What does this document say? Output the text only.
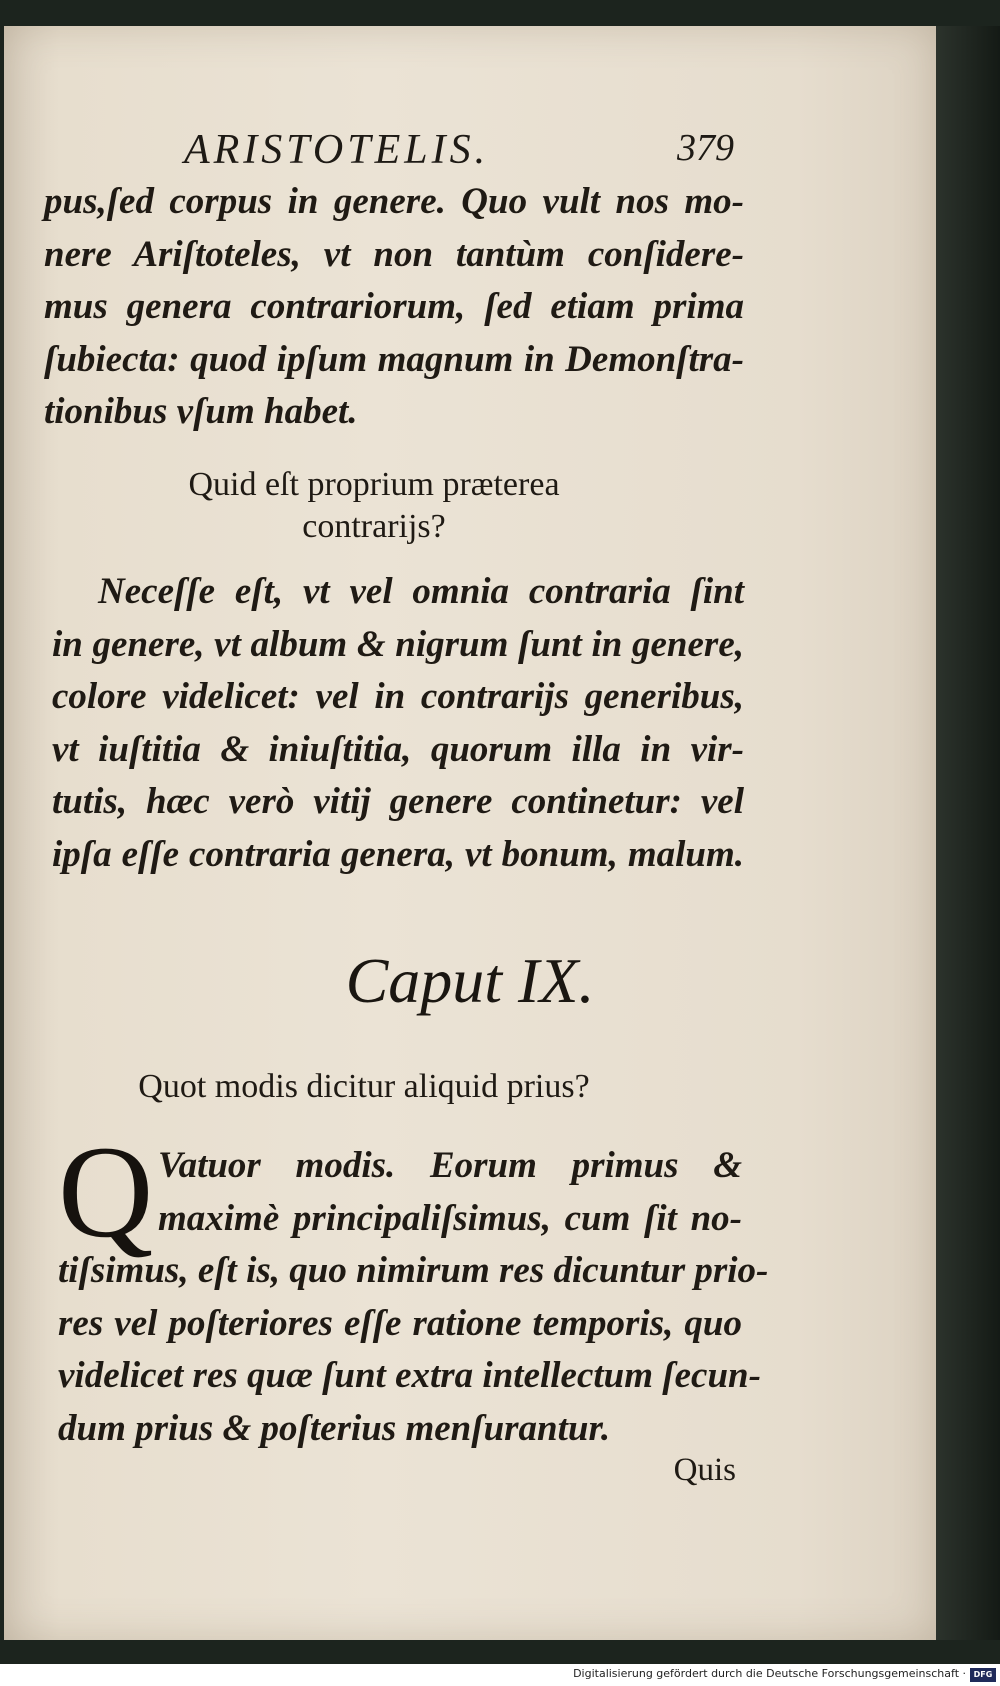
ARISTOTELIS.	379
pus,ſed corpus in genere. Quo vult nos mo-
nere Ariſtoteles, vt non tantùm conſidere-
mus genera contrariorum, ſed etiam prima
ſubiecta: quod ipſum magnum in Demonſtra-
tionibus vſum habet.
Quid eſt proprium præterea
contrarijs?
Neceſſe eſt, vt vel omnia contraria ſint
in genere, vt album & nigrum ſunt in genere,
colore videlicet: vel in contrarijs generibus,
vt iuſtitia & iniuſtitia, quorum illa in vir-
tutis, hæc verò vitij genere continetur: vel
ipſa eſſe contraria genera, vt bonum, malum.
Caput IX.
Quot modis dicitur aliquid prius?
Q Vatuor modis. Eorum primus &
maximè principaliſsimus, cum ſit no-
tiſsimus, eſt is, quo nimirum res dicuntur prio-
res vel poſteriores eſſe ratione temporis, quo
videlicet res quæ ſunt extra intellectum ſecun-
dum prius & poſterius menſurantur.
Quis
Digitalisierung gefördert durch die Deutsche Forschungsgemeinschaft · DFG
